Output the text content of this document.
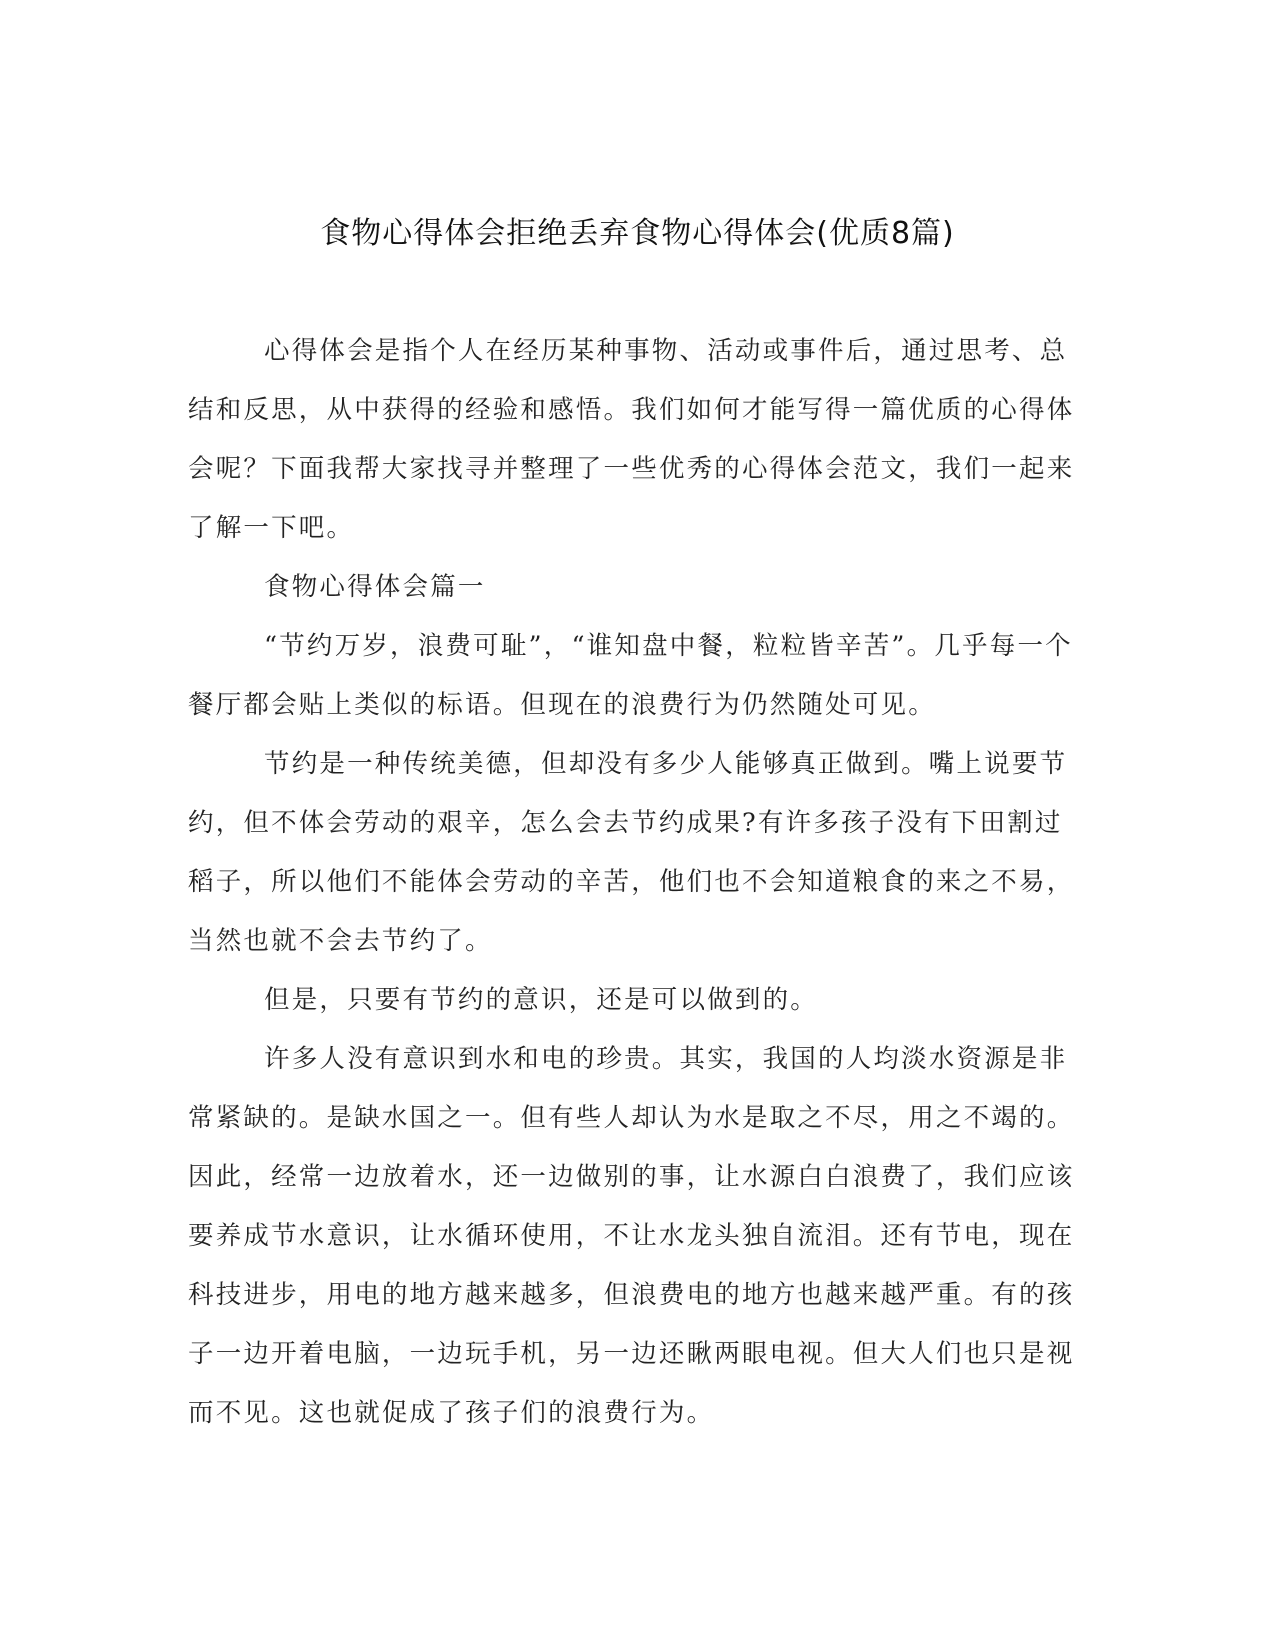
食物心得体会拒绝丢弃食物心得体会(优质8篇)

心得体会是指个人在经历某种事物、活动或事件后，通过思考、总结和反思，从中获得的经验和感悟。我们如何才能写得一篇优质的心得体会呢？下面我帮大家找寻并整理了一些优秀的心得体会范文，我们一起来了解一下吧。

食物心得体会篇一

“节约万岁，浪费可耻”，“谁知盘中餐，粒粒皆辛苦”。几乎每一个餐厅都会贴上类似的标语。但现在的浪费行为仍然随处可见。

节约是一种传统美德，但却没有多少人能够真正做到。嘴上说要节约，但不体会劳动的艰辛，怎么会去节约成果?有许多孩子没有下田割过稻子，所以他们不能体会劳动的辛苦，他们也不会知道粮食的来之不易，当然也就不会去节约了。

但是，只要有节约的意识，还是可以做到的。

许多人没有意识到水和电的珍贵。其实，我国的人均淡水资源是非常紧缺的。是缺水国之一。但有些人却认为水是取之不尽，用之不竭的。因此，经常一边放着水，还一边做别的事，让水源白白浪费了，我们应该要养成节水意识，让水循环使用，不让水龙头独自流泪。还有节电，现在科技进步，用电的地方越来越多，但浪费电的地方也越来越严重。有的孩子一边开着电脑，一边玩手机，另一边还瞅两眼电视。但大人们也只是视而不见。这也就促成了孩子们的浪费行为。
